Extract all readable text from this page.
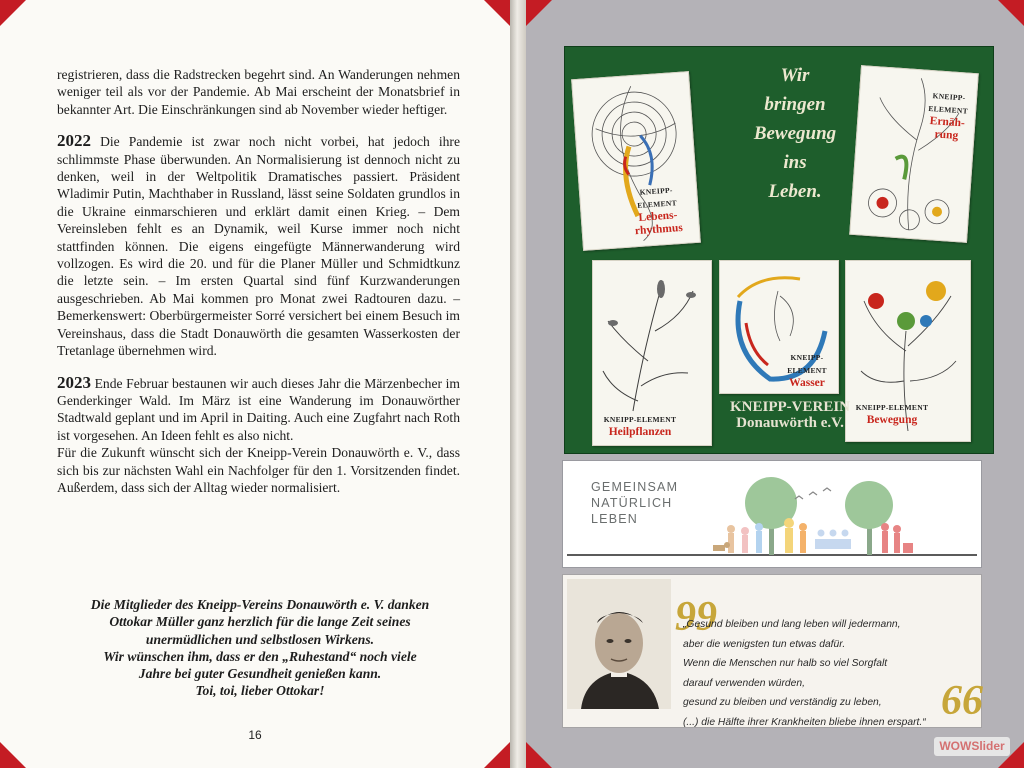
registrieren, dass die Radstrecken begehrt sind. An Wanderungen nehmen weniger teil als vor der Pandemie. Ab Mai erscheint der Monatsbrief in bekannter Art. Die Einschränkungen sind ab November wieder heftiger.

2022 Die Pandemie ist zwar noch nicht vorbei, hat jedoch ihre schlimmste Phase überwunden. An Normalisierung ist dennoch nicht zu denken, weil in der Weltpolitik Dramatisches passiert. Präsident Wladimir Putin, Machthaber in Russland, lässt seine Soldaten grundlos in die Ukraine einmarschieren und erklärt damit einen Krieg. – Dem Vereinsleben fehlt es an Dynamik, weil Kurse immer noch nicht stattfinden können. Die eigens eingefügte Männerwanderung wird vollzogen. Es wird die 20. und für die Planer Müller und Schmidtkunz die letzte sein. – Im ersten Quartal sind fünf Kurzwanderungen ausgeschrieben. Ab Mai kommen pro Monat zwei Radtouren dazu. – Bemerkenswert: Oberbürgermeister Sorré versichert bei einem Besuch im Vereinshaus, dass die Stadt Donauwörth die gesamten Wasserkosten der Tretanlage übernehmen wird.

2023 Ende Februar bestaunen wir auch dieses Jahr die Märzenbecher im Genderkinger Wald. Im März ist eine Wanderung im Donauwörther Stadtwald geplant und im April in Daiting. Auch eine Zugfahrt nach Roth ist vorgesehen. An Ideen fehlt es also nicht.

Für die Zukunft wünscht sich der Kneipp-Verein Donauwörth e. V., dass sich bis zur nächsten Wahl ein Nachfolger für den 1. Vorsitzenden findet. Außerdem, dass sich der Alltag wieder normalisiert.

Die Mitglieder des Kneipp-Vereins Donauwörth e. V. danken
Ottokar Müller ganz herzlich für die lange Zeit seines
unermüdlichen und selbstlosen Wirkens.
Wir wünschen ihm, dass er den „Ruhestand“ noch viele
Jahre bei guter Gesundheit genießen kann.
Toi, toi, lieber Ottokar!
16
Wir
bringen
Bewegung
ins
Leben.
KNEIPP-
ELEMENT
Lebens-
rhythmus
KNEIPP-
ELEMENT
Ernäh-
rung
KNEIPP-ELEMENT
Heilpflanzen
KNEIPP-
ELEMENT
Wasser
KNEIPP-ELEMENT
Bewegung
KNEIPP-VEREIN
Donauwörth e.V.
GEMEINSAM
NATÜRLICH
LEBEN
99
„Gesund bleiben und lang leben will jedermann,
aber die wenigsten tun etwas dafür.
Wenn die Menschen nur halb so viel Sorgfalt
darauf verwenden würden,
gesund zu bleiben und verständig zu leben,
(...) die Hälfte ihrer Krankheiten bliebe ihnen erspart.“ 66
WOWSlider
